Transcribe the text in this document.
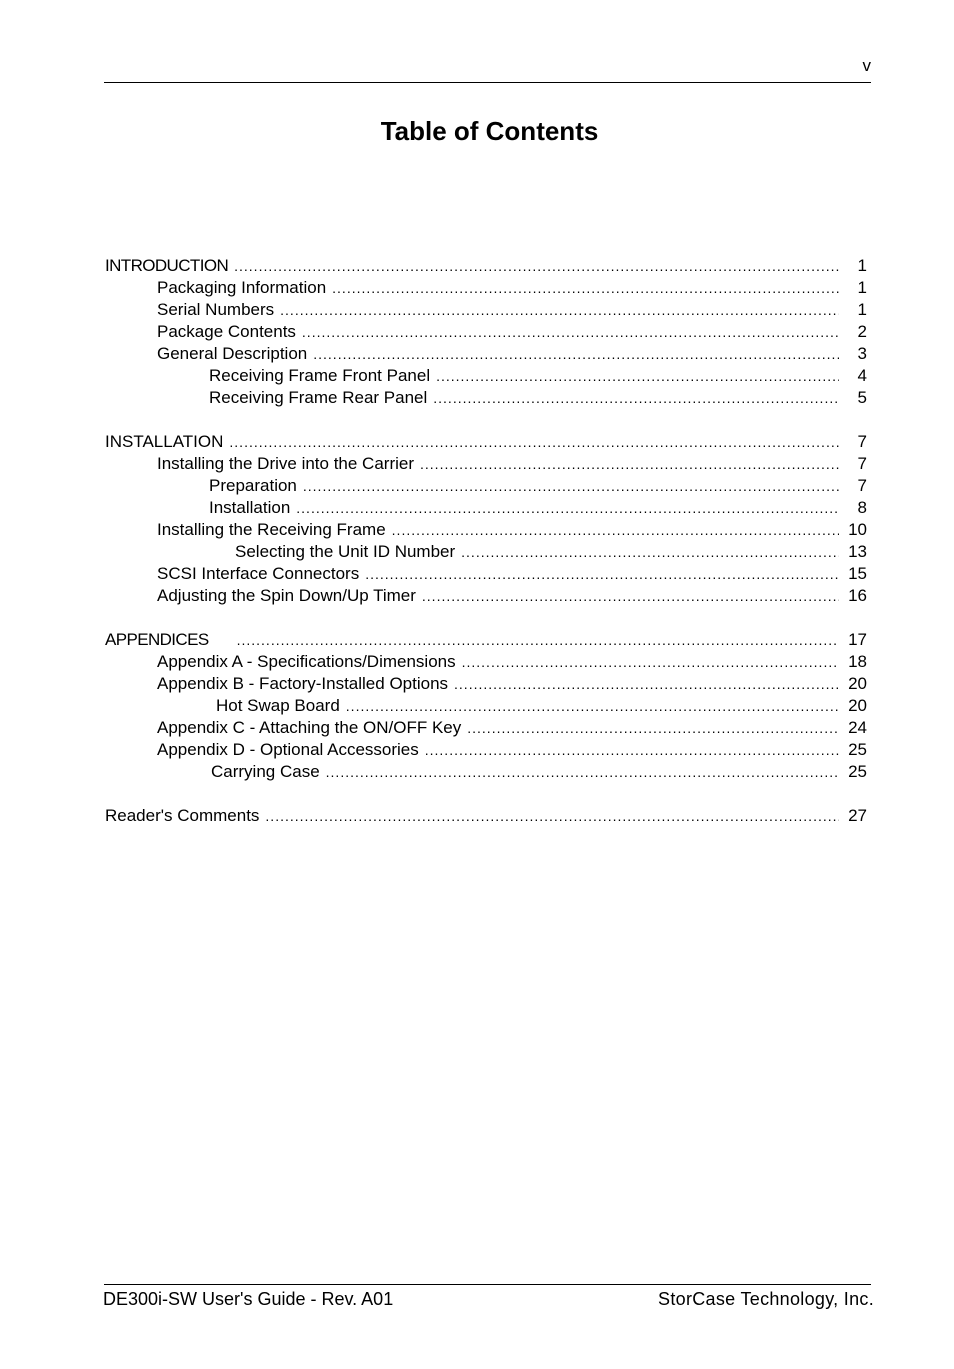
v
Table of Contents
INTRODUCTION .....	1
Packaging Information .....	1
Serial Numbers .....	1
Package Contents .....	2
General Description .....	3
Receiving Frame Front Panel .....	4
Receiving Frame Rear Panel .....	5
INSTALLATION .....	7
Installing the Drive into the Carrier .....	7
Preparation .....	7
Installation .....	8
Installing the Receiving Frame .....	10
Selecting the Unit ID Number .....	13
SCSI Interface Connectors .....	15
Adjusting the Spin Down/Up Timer .....	16
APPENDICES .....	17
Appendix A - Specifications/Dimensions .....	18
Appendix B - Factory-Installed Options .....	20
Hot Swap Board .....	20
Appendix C - Attaching the ON/OFF Key .....	24
Appendix D - Optional Accessories .....	25
Carrying Case .....	25
Reader's Comments .....	27
DE300i-SW User's Guide - Rev. A01	StorCase Technology, Inc.
